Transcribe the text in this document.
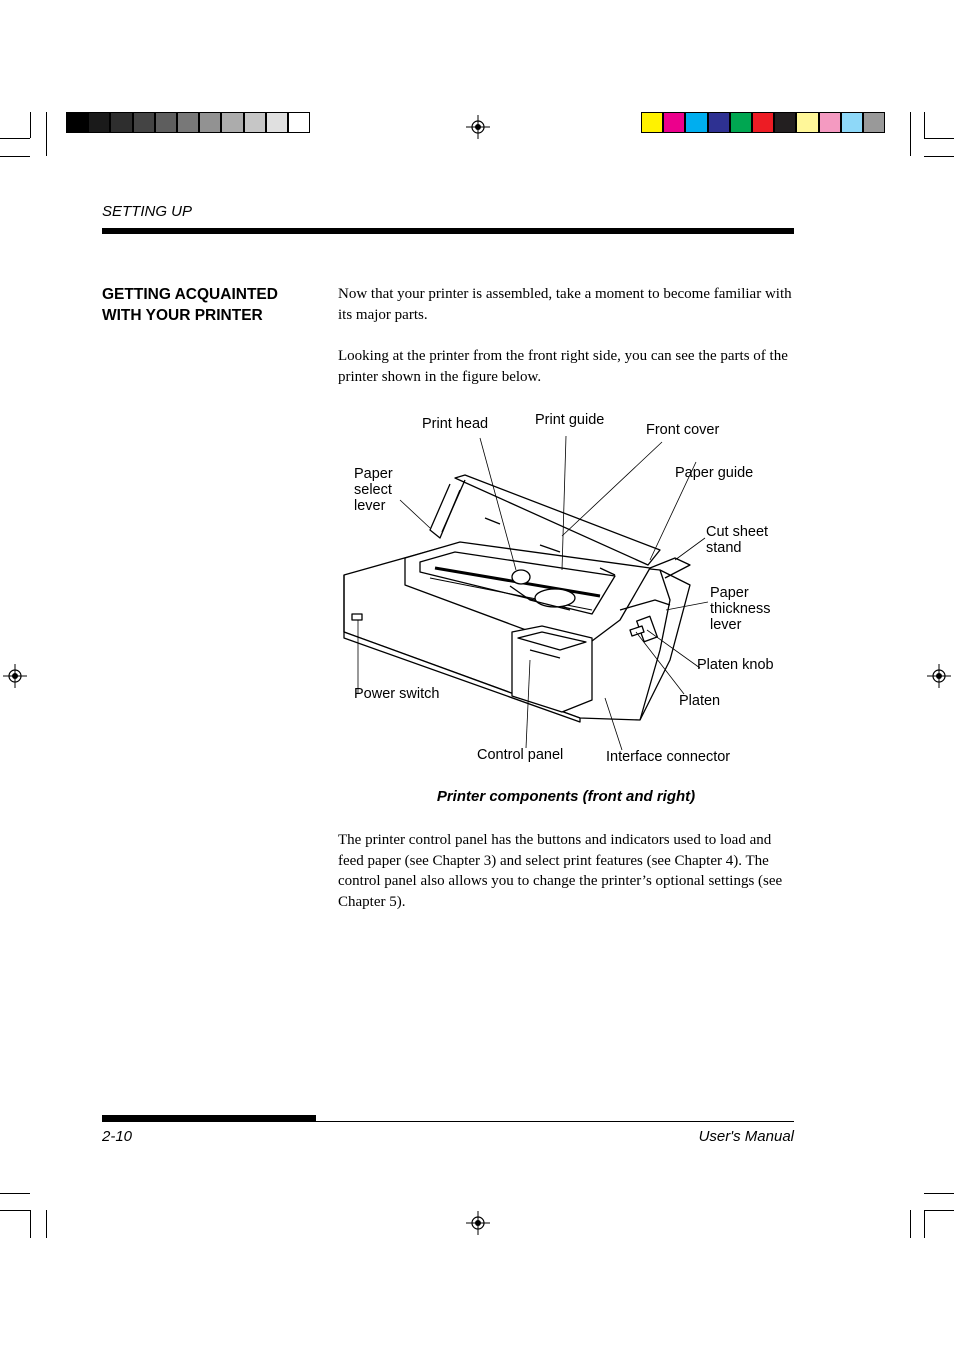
SETTING UP
GETTING ACQUAINTED
WITH YOUR PRINTER
Now that your printer is assembled, take a moment to become familiar with its major parts.
Looking at the printer from the front right side, you can see the parts of the printer shown in the figure below.
Print head	Print guide
Front cover
Paper
select
lever
Paper guide
Cut sheet
stand
Paper
thickness
lever
Platen knob
Power switch	Platen
Control panel	Interface connector
Printer components (front and right)
The printer control panel has the buttons and indicators used to load and feed paper (see Chapter 3) and select print features (see Chapter 4). The control panel also allows you to change the printer’s optional settings (see Chapter 5).
2-10	User's Manual
